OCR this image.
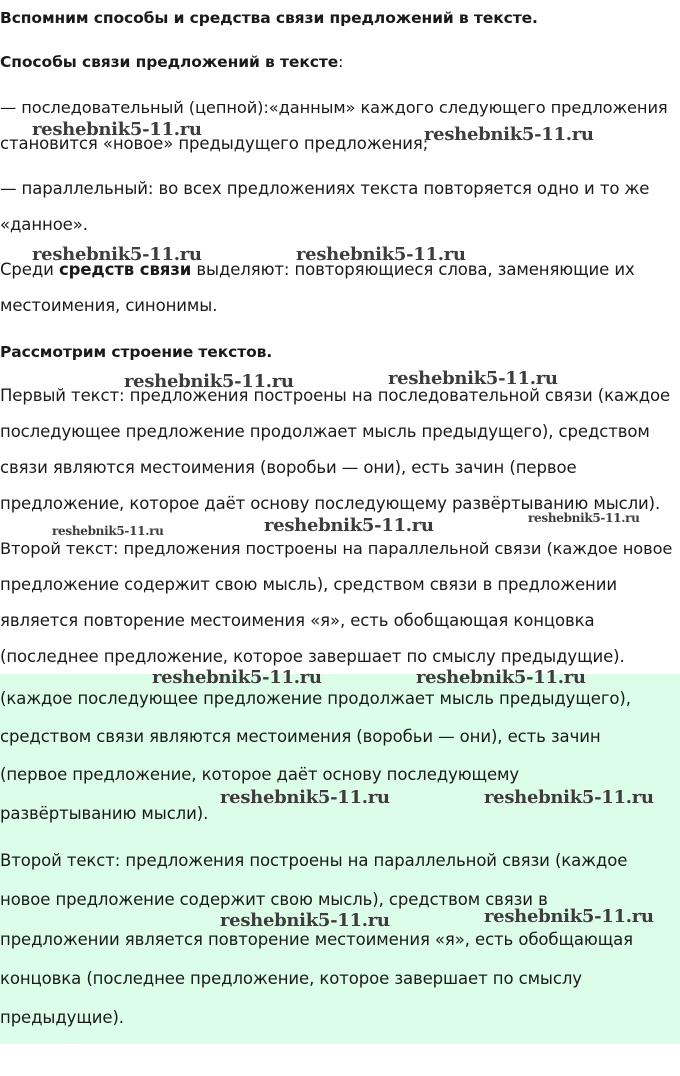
Вспомним способы и средства связи предложений в тексте.

Способы связи предложений в тексте:

— последовательный (цепной):«данным» каждого следующего предложения

становится «новое» предыдущего предложения;

— параллельный: во всех предложениях текста повторяется одно и то же

«данное».

Среди средств связи выделяют: повторяющиеся слова, заменяющие их

местоимения, синонимы.

Рассмотрим строение текстов.

Первый текст: предложения построены на последовательной связи (каждое

последующее предложение продолжает мысль предыдущего), средством

связи являются местоимения (воробьи — они), есть зачин (первое

предложение, которое даёт основу последующему развёртыванию мысли).

Второй текст: предложения построены на параллельной связи (каждое новое

предложение содержит свою мысль), средством связи в предложении

является повторение местоимения «я», есть обобщающая концовка

(последнее предложение, которое завершает по смыслу предыдущие).

(каждое последующее предложение продолжает мысль предыдущего),

средством связи являются местоимения (воробьи — они), есть зачин

(первое предложение, которое даёт основу последующему

развёртыванию мысли).

Второй текст: предложения построены на параллельной связи (каждое

новое предложение содержит свою мысль), средством связи в

предложении является повторение местоимения «я», есть обобщающая

концовка (последнее предложение, которое завершает по смыслу

предыдущие).

reshebnik5-11.ru	reshebnik5-11.ru
reshebnik5-11.ru	reshebnik5-11.ru
reshebnik5-11.ru	reshebnik5-11.ru
reshebnik5-11.ru	reshebnik5-11.ru	reshebnik5-11.ru
reshebnik5-11.ru	reshebnik5-11.ru
reshebnik5-11.ru	reshebnik5-11.ru
reshebnik5-11.ru	reshebnik5-11.ru
